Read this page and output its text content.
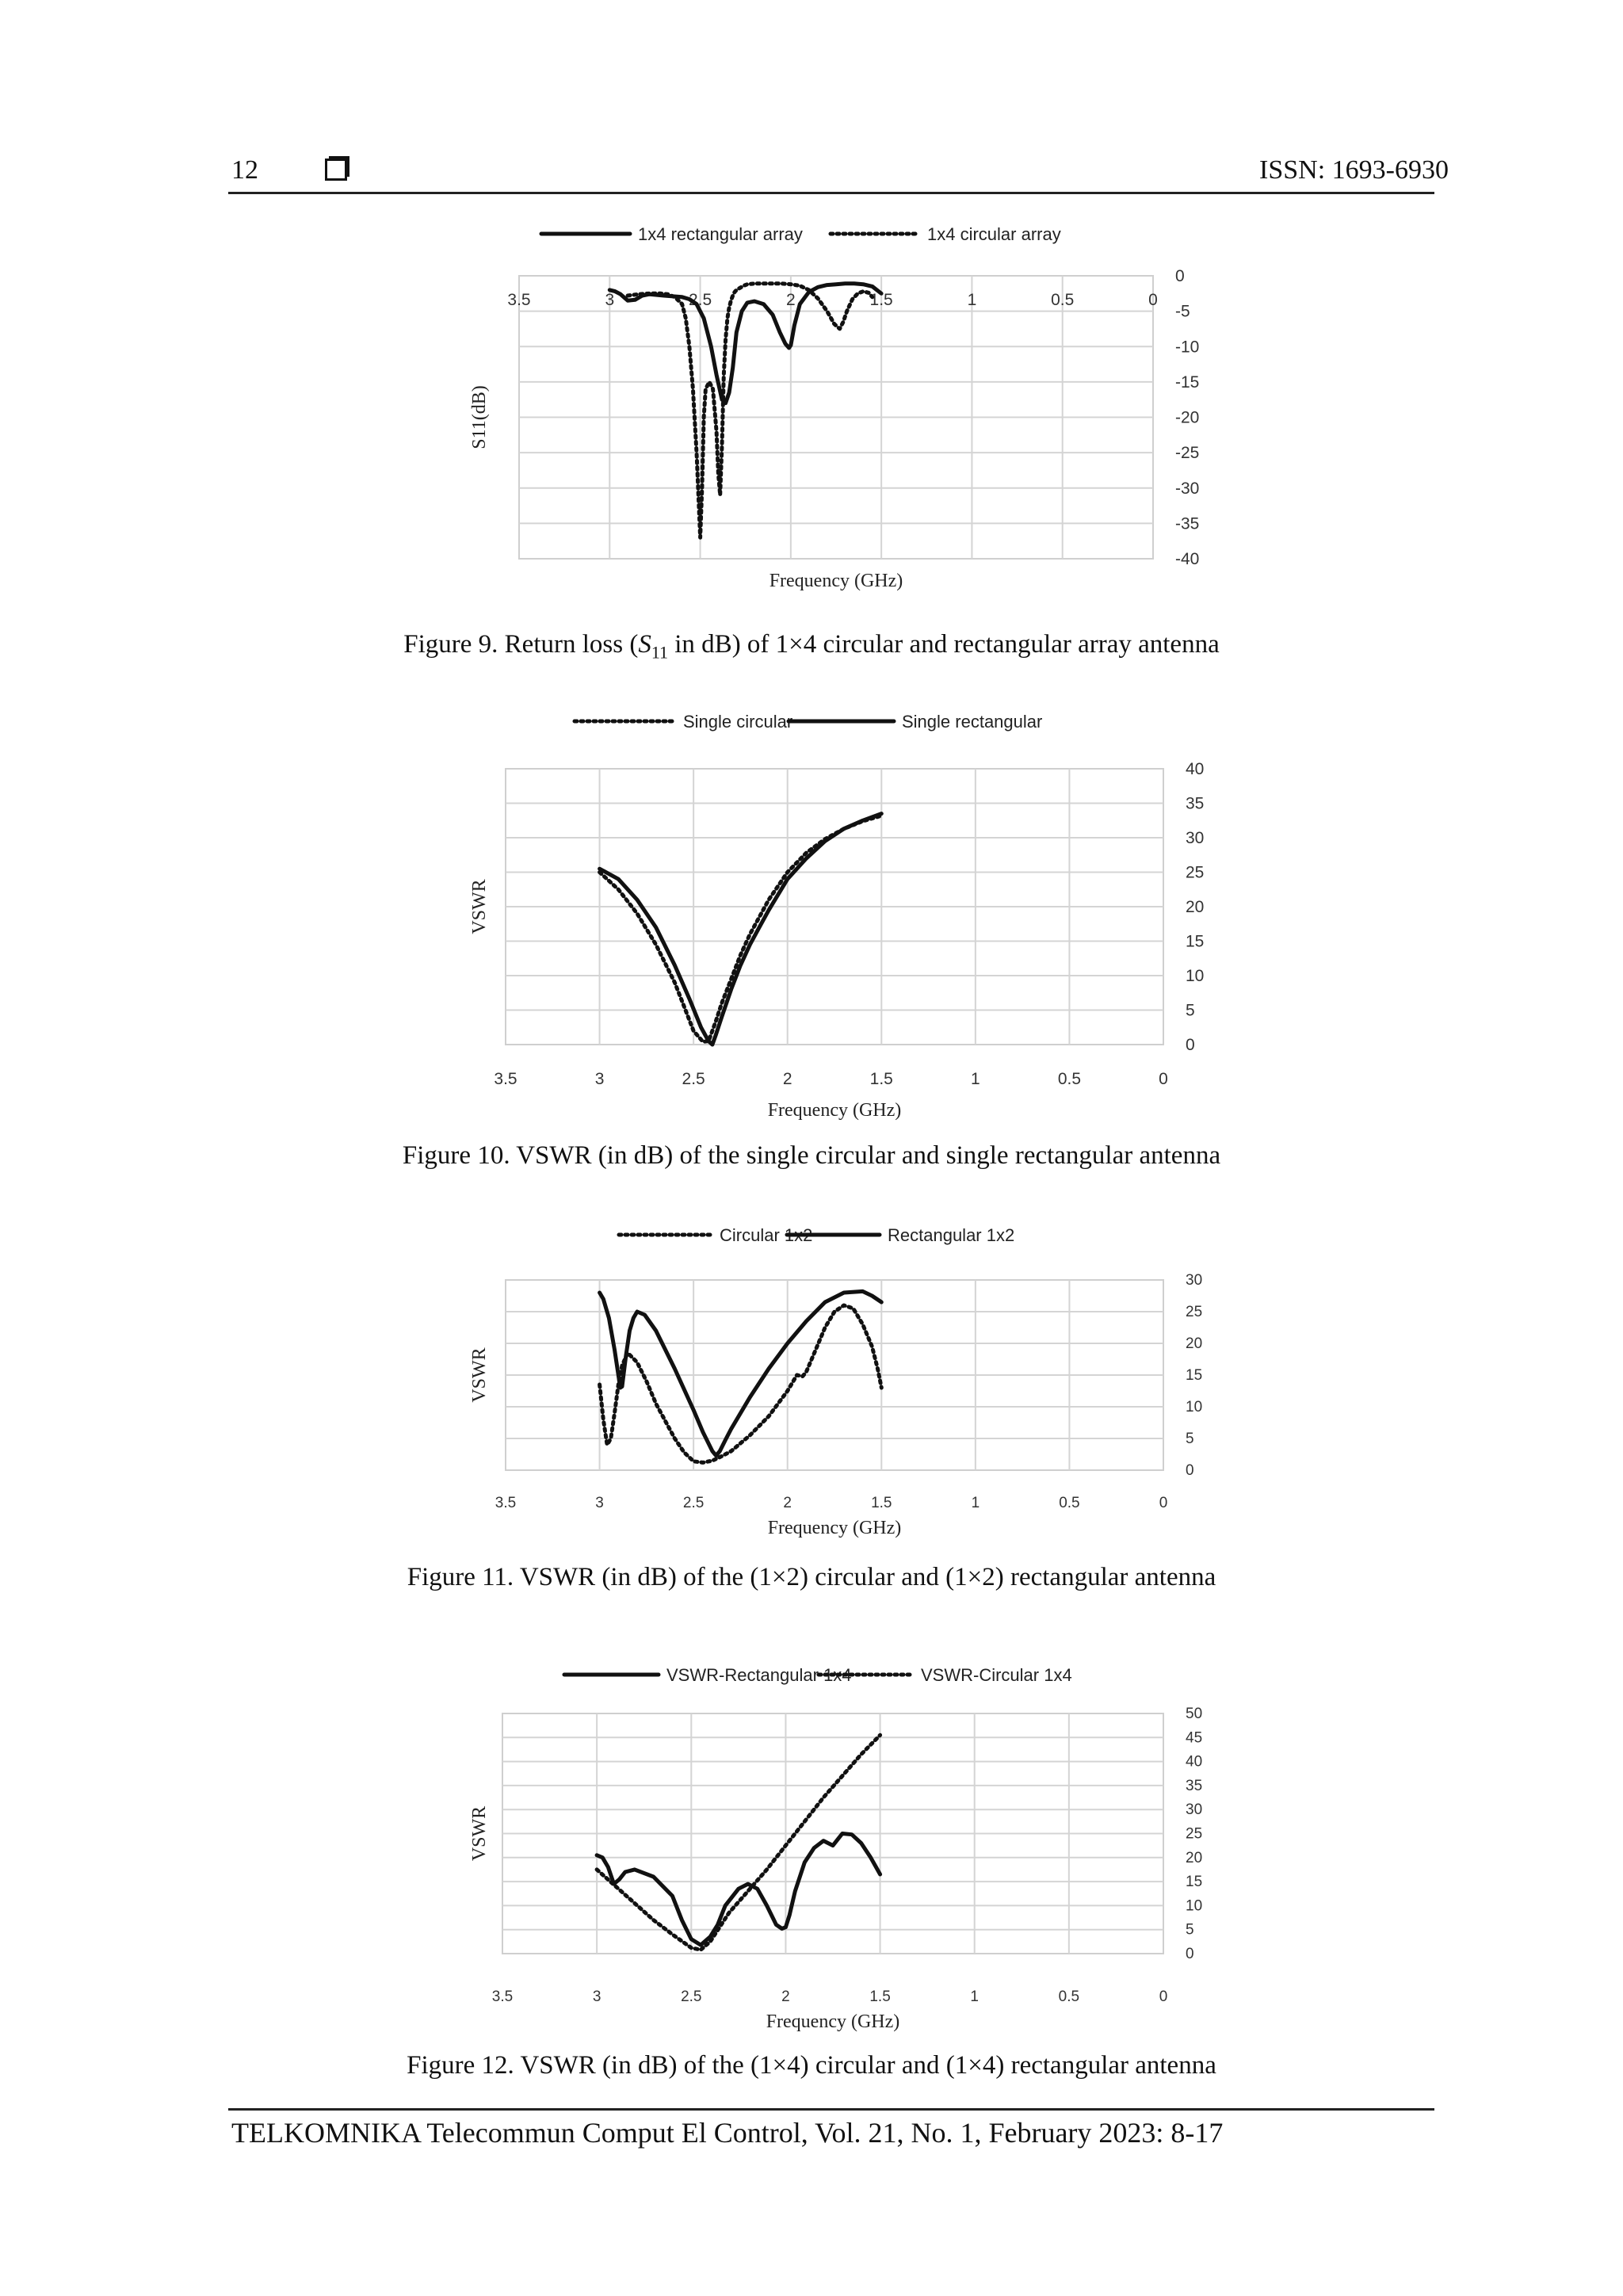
12	ISSN: 1693-6930
0
-5
-10
-15
-20
-25
-30
-35
-40
3.5	3	2.5	2	1.5	1	0.5	0
1x4 rectangular array	1x4 circular array
Frequency (GHz)
S11(dB)
Figure 9. Return loss ($S_{11}$ in dB) of 1×4 circular and rectangular array antenna
40
35
30
25
20
15
10
5
0
3.5	3	2.5	2	1.5	1	0.5	0
Single circular	Single rectangular
Frequency (GHz)
VSWR
Figure 10. VSWR (in dB) of the single circular and single rectangular antenna
30
25
20
15
10
5
0
3.5	3	2.5	2	1.5	1	0.5	0
Circular 1x2	Rectangular 1x2
Frequency (GHz)
VSWR
Figure 11. VSWR (in dB) of the (1×2) circular and (1×2) rectangular antenna
50
45
40
35
30
25
20
15
10
5
0
3.5	3	2.5	2	1.5	1	0.5	0
VSWR-Rectangular 1x4	VSWR-Circular 1x4
Frequency (GHz)
VSWR
Figure 12. VSWR (in dB) of the (1×4) circular and (1×4) rectangular antenna
TELKOMNIKA Telecommun Comput El Control, Vol. 21, No. 1, February 2023: 8-17
